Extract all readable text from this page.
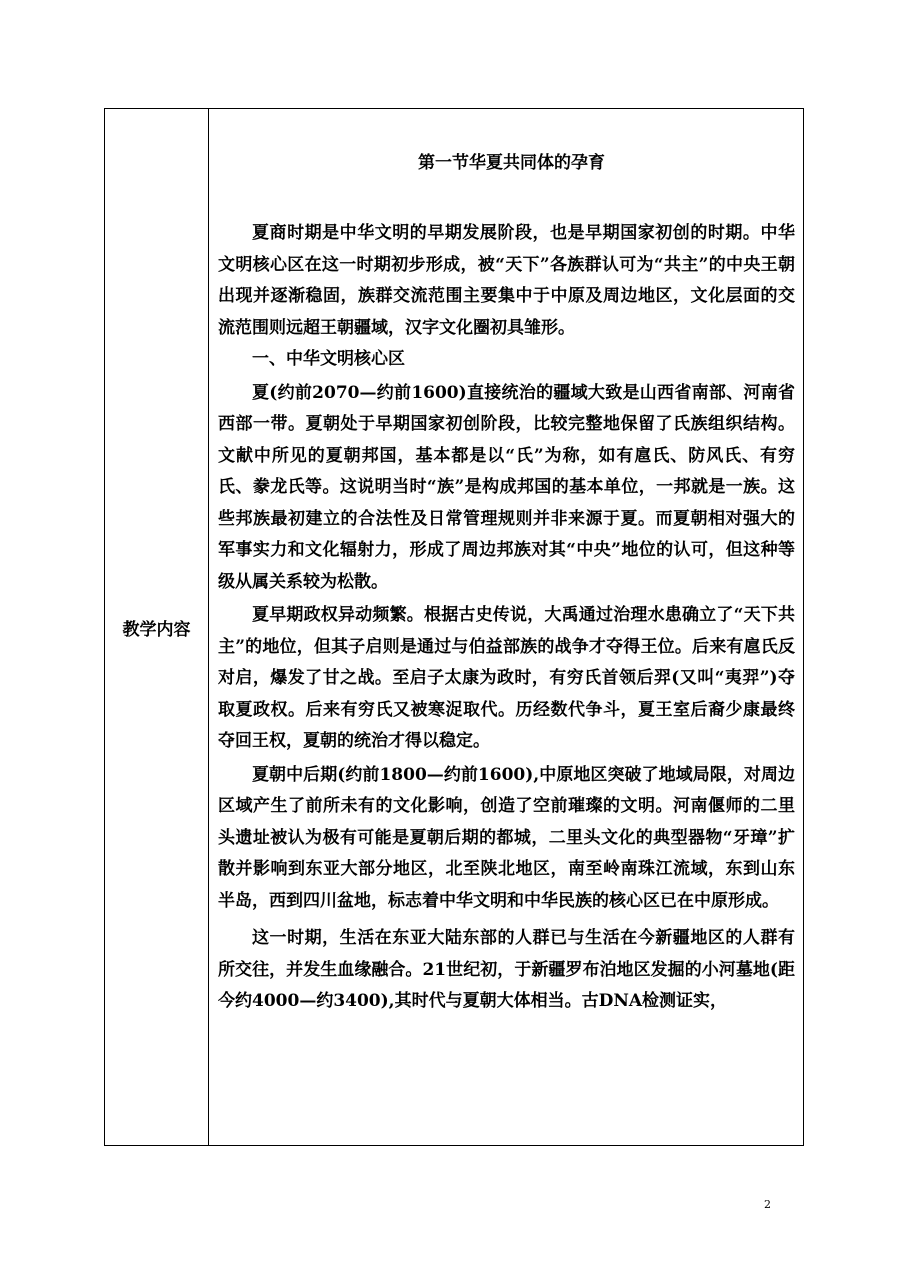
教学内容
第一节华夏共同体的孕育

夏商时期是中华文明的早期发展阶段，也是早期国家初创的时期。中华文明核心区在这一时期初步形成，被“天下”各族群认可为“共主”的中央王朝出现并逐渐稳固，族群交流范围主要集中于中原及周边地区，文化层面的交流范围则远超王朝疆域，汉字文化圈初具雏形。

一、中华文明核心区

夏(约前2070—约前1600)直接统治的疆域大致是山西省南部、河南省西部一带。夏朝处于早期国家初创阶段，比较完整地保留了氏族组织结构。文献中所见的夏朝邦国，基本都是以“氏”为称，如有扈氏、防风氏、有穷氏、豢龙氏等。这说明当时“族”是构成邦国的基本单位，一邦就是一族。这些邦族最初建立的合法性及日常管理规则并非来源于夏。而夏朝相对强大的军事实力和文化辐射力，形成了周边邦族对其“中央”地位的认可，但这种等级从属关系较为松散。

夏早期政权异动频繁。根据古史传说，大禹通过治理水患确立了“天下共主”的地位，但其子启则是通过与伯益部族的战争才夺得王位。后来有扈氏反对启，爆发了甘之战。至启子太康为政时，有穷氏首领后羿(又叫“夷羿”)夺取夏政权。后来有穷氏又被寒浞取代。历经数代争斗，夏王室后裔少康最终夺回王权，夏朝的统治才得以稳定。

夏朝中后期(约前1800—约前1600),中原地区突破了地域局限，对周边区域产生了前所未有的文化影响，创造了空前璀璨的文明。河南偃师的二里头遗址被认为极有可能是夏朝后期的都城，二里头文化的典型器物“牙璋”扩散并影响到东亚大部分地区，北至陕北地区，南至岭南珠江流域，东到山东半岛，西到四川盆地，标志着中华文明和中华民族的核心区已在中原形成。

这一时期，生活在东亚大陆东部的人群已与生活在今新疆地区的人群有所交往，并发生血缘融合。21世纪初，于新疆罗布泊地区发掘的小河墓地(距今约4000—约3400),其时代与夏朝大体相当。古DNA检测证实，

2
